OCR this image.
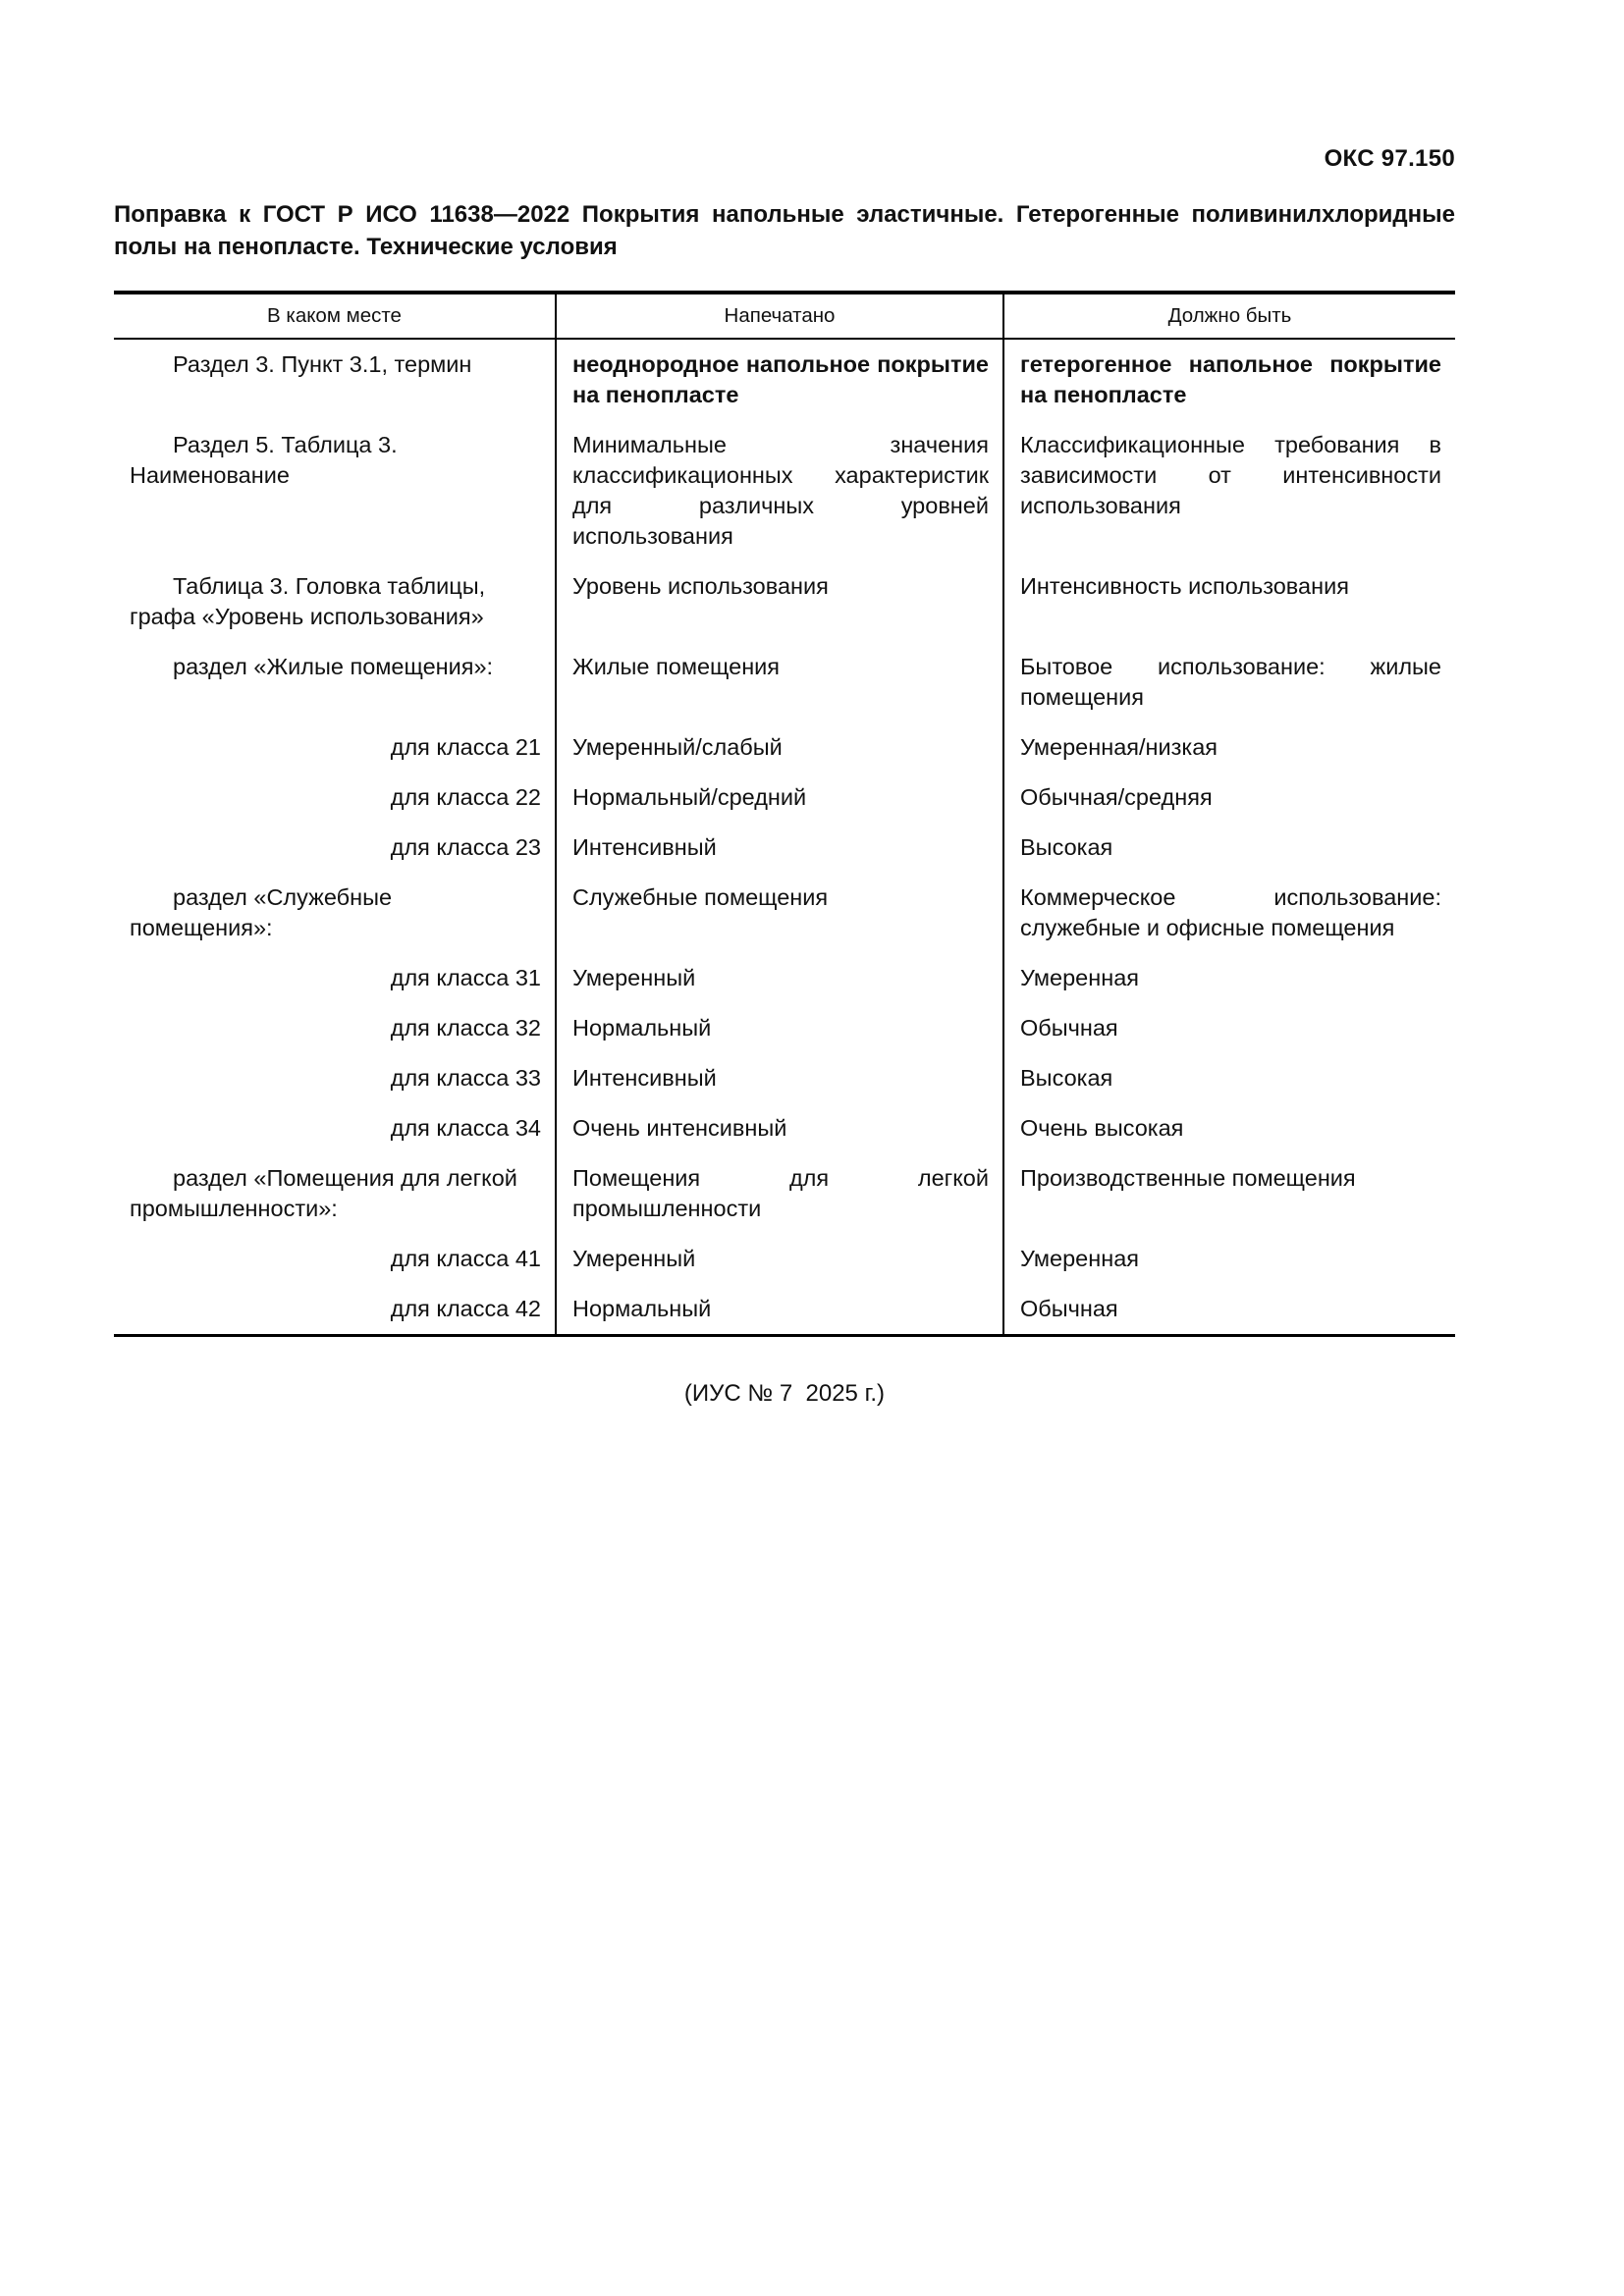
ОКС 97.150
Поправка к ГОСТ Р ИСО 11638—2022 Покрытия напольные эластичные. Гетерогенные поливинилхлоридные полы на пенопласте. Технические условия
В каком месте	Напечатано	Должно быть
Раздел 3. Пункт 3.1, термин	неоднородное напольное покрытие на пенопласте	гетерогенное напольное покрытие на пенопласте
Раздел 5. Таблица 3. Наименование	Минимальные значения классификационных характеристик для различных уровней использования	Классификационные требования в зависимости от интенсивности использования
Таблица 3. Головка таблицы, графа «Уровень использования»	Уровень использования	Интенсивность использования
раздел «Жилые помещения»:	Жилые помещения	Бытовое использование: жилые помещения
для класса 21	Умеренный/слабый	Умеренная/низкая
для класса 22	Нормальный/средний	Обычная/средняя
для класса 23	Интенсивный	Высокая
раздел «Служебные помещения»:	Служебные помещения	Коммерческое использование: служебные и офисные помещения
для класса 31	Умеренный	Умеренная
для класса 32	Нормальный	Обычная
для класса 33	Интенсивный	Высокая
для класса 34	Очень интенсивный	Очень высокая
раздел «Помещения для легкой промышленности»:	Помещения для легкой промышленности	Производственные помещения
для класса 41	Умеренный	Умеренная
для класса 42	Нормальный	Обычная
(ИУС № 7  2025 г.)
